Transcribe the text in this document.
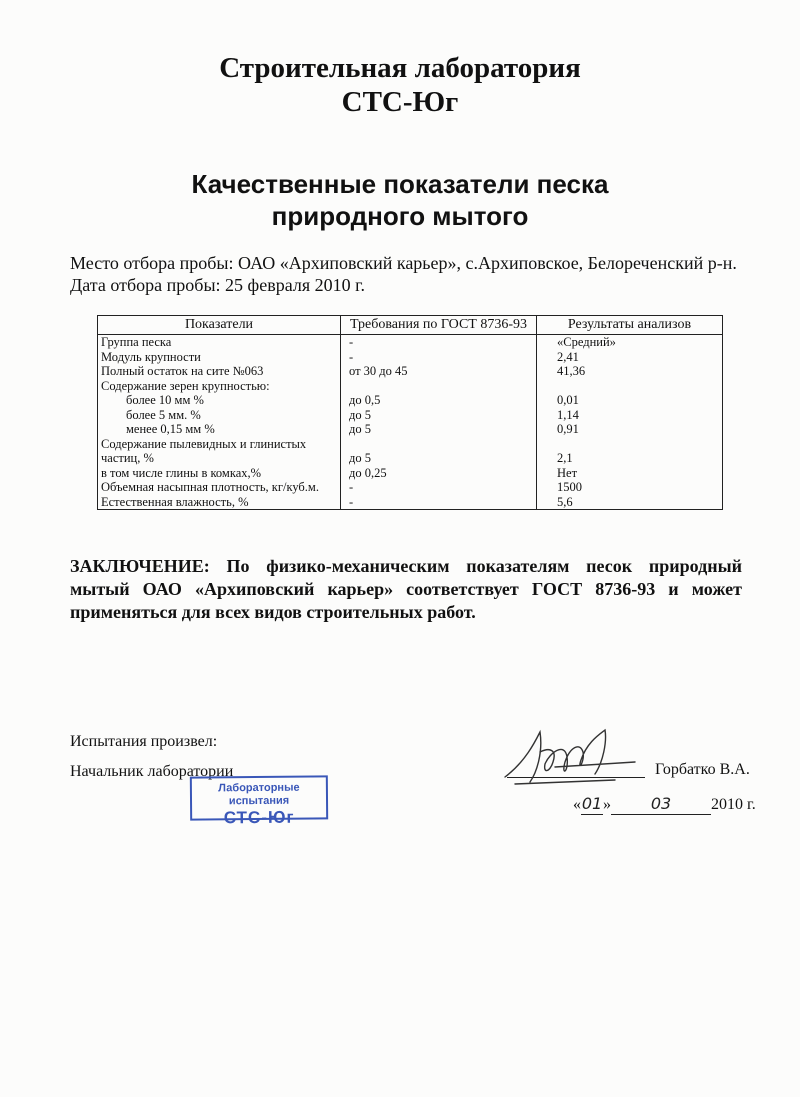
Строительная лаборатория
СТС-Юг
Качественные показатели песка
природного мытого
Место отбора пробы: ОАО «Архиповский карьер», с.Архиповское, Белореченский р-н.
Дата отбора пробы: 25 февраля 2010 г.
Показатели	Требования по ГОСТ 8736-93	Результаты анализов
Группа песка	-	«Средний»
Модуль крупности	-	2,41
Полный остаток на сите №063	от 30 до 45	41,36
Содержание зерен крупностью:		
более 10 мм %	до 0,5	0,01
более 5 мм. %	до 5	1,14
менее 0,15 мм %	до 5	0,91
Содержание пылевидных и глинистых		
частиц, %	до 5	2,1
в том числе глины в комках,%	до 0,25	Нет
Объемная насыпная плотность, кг/куб.м.	-	1500
Естественная влажность, %	-	5,6
ЗАКЛЮЧЕНИЕ: По физико-механическим показателям песок природный мытый ОАО «Архиповский карьер» соответствует ГОСТ 8736-93 и может применяться для всех видов строительных работ.
Испытания произвел:
Начальник лаборатории
Лабораторные испытания
СТС-Юг
Горбатко В.А.
«01» 03 2010 г.
